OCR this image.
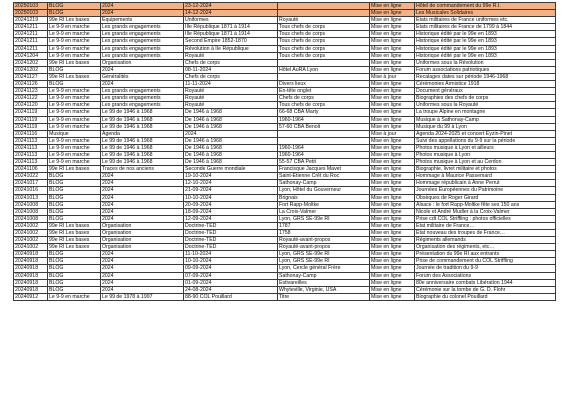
20250103	BLOG	2024	23-12-2024		Mise en ligne	Hôtel de commandement du 99e R.I.
20250103	BLOG	2024	14-12-2024		Mise en ligne	Les Musicales Solidaires
20241219	99e RI Les bases	Equipements	Uniformes	Royauté	Mise en ligne	États militaires de France uniformes etc.
20241211	Le 9-9 en marche	Les grands engagements	IIle République 1871 à 1914	Tous chefs de corps	Mise en ligne	États militaires de France de 1799 à 1844
20241211	Le 9-9 en marche	Les grands engagements	IIle République 1871 à 1914	Tous chefs de corps	Mise en ligne	Historique édité par le 99e en 1893
20241211	Le 9-9 en marche	Les grands engagements	Second Empire 1852-1870	Tous chefs de corps	Mise en ligne	Historique édité par le 99e en 1893
20241211	Le 9-9 en marche	Les grands engagements	Révolution à IIe République	Tous chefs de corps	Mise en ligne	Historique édité par le 99e en 1893
20241204	Le 9-9 en marche	Les grands engagements	Royauté	Tous chefs de corps	Mise en ligne	Historique édité par le 99e en 1893
20241202	99e RI Les bases	Organisation	Chefs de corps		Mise en ligne	Uniformes sous la Révolution
20241202	BLOG	2024	08-11-2024	Hôtel AuRA Lyon	Mise en ligne	Forum associations patriotiques
20241127	99e RI Les bases	Généralités	Chefs de corps		Mise à jour	Recalages dates sur période 1946-1968
20241126	BLOG	2024	11-11-2024	Divers lieux	Mise en ligne	Cérémonies Armistice 1918
20241123	Le 9-9 en marche	Les grands engagements	Royauté	En-tête onglet	Mise en ligne	Document généraux
20241122	Le 9-9 en marche	Les grands engagements	Royauté	Chefs de corps	Mise en ligne	Biographies des chefs de corps
20241120	Le 9-9 en marche	Les grands engagements	Royauté	Tous chefs de corps	Mise en ligne	Uniformes sous la Royauté
20241119	Le 9-9 en marche	Le 99 de 1946 à 1968	De 1946 à 1968	66-68 CBA Marty	Mise en ligne	La troupe Alpine en montagne
20241119	Le 9-9 en marche	Le 99 de 1946 à 1968	De 1946 à 1968	1960-1964	Mise en ligne	Musique à Sathonay-Camp
20241119	Le 9-9 en marche	Le 99 de 1946 à 1968	De 1946 à 1968	57-60 CBA Benoit	Mise en ligne	Musique du 99 à Lyon
20241116	Musique	Agenda	2024		Mise à jour	Agenda 2024-2025 et concert Eyzin-Pinet
20241113	Le 9-9 en marche	Le 99 de 1946 à 1968	De 1946 à 1968		Mise en ligne	Suivi des appellations du 9-9 sur la période
20241113	Le 9-9 en marche	Le 99 de 1946 à 1968	De 1946 à 1968	1960-1964	Mise en ligne	Photos musique à Lyon et ailleurs
20241113	Le 9-9 en marche	Le 99 de 1946 à 1968	De 1946 à 1968	1960-1964	Mise en ligne	Photos musique à Lyon
20241113	Le 9-9 en marche	Le 99 de 1946 à 1968	De 1946 à 1968	55-57 CBA Petit	Mise en ligne	Photos musique à Lyon et au Cerdon
20241106	99e RI Les bases	Traces de nos anciens	Seconde Guerre mondiale	Francisque Jacques Mavet	Mise en ligne	Biographie, livret militaire et photos
20241022	BLOG	2024	19-10-2024	Saint-Etienne Crêt du Roc	Mise en ligne	Hommage à Maurice Passemard
20241017	BLOG	2024	12-10-2024	Sathonay-Camp	Mise en ligne	Hommage républicain à Anne Perrut
20241016	BLOG	2024	21-09-2024	Lyon, Hôtel du Gouverneur	Mise en ligne	Journées Européennes du Patrimoine
20241013	BLOG	2024	10-10-2024	Brignais	Mise en ligne	Obsèques de Roger Girard
20241008	BLOG	2024	20-09-2024	Fort Rapp-Moltke	Mise en ligne	Alsace : le fort Rapp-Moltke fête ses 150 ans
20241008	BLOG	2024	18-09-2024	La Croix-Valmer	Mise en ligne	Nicole et André Mudler à la Croix-Valmer
20241008	BLOG	2024	12-09-2024	Lyon, GRS SE-99e RI	Mise en ligne	Prise cdt COL Striffling : photos officielles
20241002	99e RI Les bases	Organisation	Doctrine-TED	1787	Mise en ligne	État militaire de France…
20241002	99e RI Les bases	Organisation	Doctrine-TED	1758	Mise en ligne	État nouveau des troupes de France…
20241002	99e RI Les bases	Organisation	Doctrine-TED	Royauté-avant-propos	Mise en ligne	Régiments allemands
20241002	99e RI Les bases	Organisation	Doctrine-TED	Royauté-avant-propos	Mise en ligne	Organisation des régiments, etc…
20240918	BLOG	2024	11-10-2024	Lyon, GRS SE-99e RI	Mise en ligne	Présentation du 99e RI aux entrants
20240918	BLOG	2024	10-10-2024	Lyon, GRS SE-99e RI	Mise en ligne	Prise de commandement du COL Striffling
20240918	BLOG	2024	09-09-2024	Lyon, Cercle général Frère	Mise en ligne	Journée de tradition du 9-9
20240918	BLOG	2024	07-09-2024	Sathonay-Camp	Mise en ligne	Forum des Associations
20240918	BLOG	2024	01-09-2024	Estivareilles	Mise en ligne	80e anniversaire combats Libération 1944
20240918	BLOG	2024	24-08-2024	Whyteville, Virginie, USA	Mise en ligne	Cérémonie sur la tombe de G. D. Flohr
20240912	Le 9-9 en marche	Le 99 de 1978 à 1997	88-90 COL Pouillard	Titre	Mise en ligne	Biographie du colonel Pouillard
